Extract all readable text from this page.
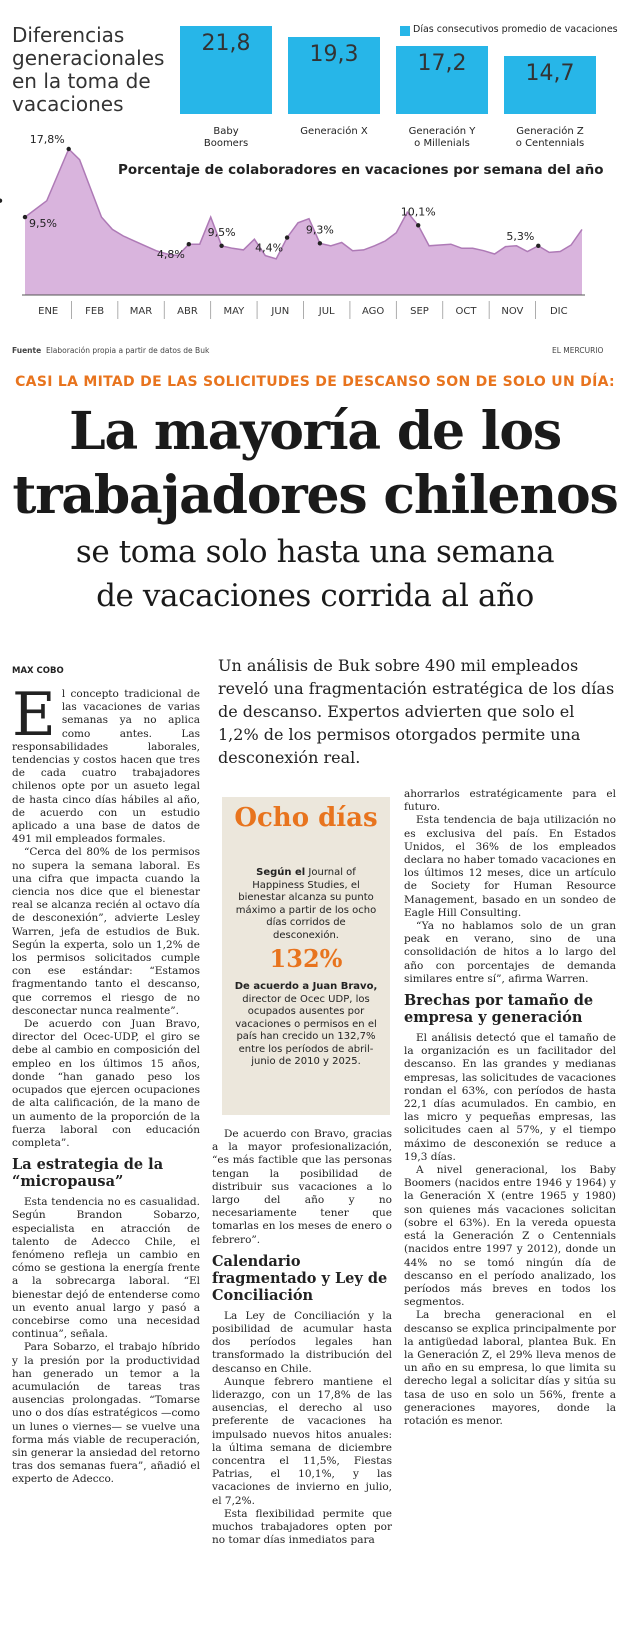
Diferencias generacionales en la toma de vacaciones
Días consecutivos promedio de vacaciones
21,8	19,3	17,2	14,7
Baby
Boomers
Generación X	Generación Y
o Millenials
Generación Z
o Centennials
Porcentaje de colaboradores en vacaciones por semana del año
ENE	FEB	MAR ABR	MAY	JUN	JUL	AGO	SEP	OCT NOV	DIC
9,5%
17,8%
4,8%
9,5%
4,4%
9,3%
10,1%
5,3%
Fuente Elaboración propia a partir de datos de Buk	EL MERCURIO
CASI LA MITAD DE LAS SOLICITUDES DE DESCANSO SON DE SOLO UN DÍA:
La mayoría de los
trabajadores chilenos
se toma solo hasta una semana
de vacaciones corrida al año
MAX COBO	Un análisis de Buk sobre 490 mil empleados reveló una fragmentación estratégica de los días de descanso. Expertos advierten que solo el 1,2% de los permisos otorgados permite una desconexión real.

El concepto tradicional de las vacaciones de varias semanas ya no aplica como antes. Las responsabilidades laborales, tendencias y costos hacen que tres de cada cuatro trabajadores chilenos opte por un asueto legal de hasta cinco días hábiles al año, de acuerdo con un estudio aplicado a una base de datos de 491 mil empleados formales.

“Cerca del 80% de los permisos no supera la semana laboral. Es una cifra que impacta cuando la ciencia nos dice que el bienestar real se alcanza recién al octavo día de desconexión”, advierte Lesley Warren, jefa de estudios de Buk. Según la experta, solo un 1,2% de los permisos solicitados cumple con ese estándar: “Estamos fragmentando tanto el descanso, que corremos el riesgo de no desconectar nunca realmente”.

De acuerdo con Juan Bravo, director del Ocec-UDP, el giro se debe al cambio en composición del empleo en los últimos 15 años, donde “han ganado peso los ocupados que ejercen ocupaciones de alta calificación, de la mano de un aumento de la proporción de la fuerza laboral con educación completa”.

La estrategia de la “micropausa”

Esta tendencia no es casualidad. Según Brandon Sobarzo, especialista en atracción de talento de Adecco Chile, el fenómeno refleja un cambio en cómo se gestiona la energía frente a la sobrecarga laboral. “El bienestar dejó de entenderse como un evento anual largo y pasó a concebirse como una necesidad continua”, señala.

Para Sobarzo, el trabajo híbrido y la presión por la productividad han generado un temor a la acumulación de tareas tras ausencias prolongadas. “Tomarse uno o dos días estratégicos —como un lunes o viernes— se vuelve una forma más viable de recuperación, sin generar la ansiedad del retorno tras dos semanas fuera”, añadió el experto de Adecco.

Ocho días
Según el Journal of Happiness Studies, el bienestar alcanza su punto máximo a partir de los ocho días corridos de desconexión.
132%
De acuerdo a Juan Bravo, director de Ocec UDP, los ocupados ausentes por vacaciones o permisos en el país han crecido un 132,7% entre los períodos de abril-junio de 2010 y 2025.

De acuerdo con Bravo, gracias a la mayor profesionalización, “es más factible que las personas tengan la posibilidad de distribuir sus vacaciones a lo largo del año y no necesariamente tener que tomarlas en los meses de enero o febrero”.

Calendario fragmentado y Ley de Conciliación

La Ley de Conciliación y la posibilidad de acumular hasta dos períodos legales han transformado la distribución del descanso en Chile.

Aunque febrero mantiene el liderazgo, con un 17,8% de las ausencias, el derecho al uso preferente de vacaciones ha impulsado nuevos hitos anuales: la última semana de diciembre concentra el 11,5%, Fiestas Patrias, el 10,1%, y las vacaciones de invierno en julio, el 7,2%.

Esta flexibilidad permite que muchos trabajadores opten por no tomar días inmediatos para

ahorrarlos estratégicamente para el futuro.

Esta tendencia de baja utilización no es exclusiva del país. En Estados Unidos, el 36% de los empleados declara no haber tomado vacaciones en los últimos 12 meses, dice un artículo de Society for Human Resource Management, basado en un sondeo de Eagle Hill Consulting.

“Ya no hablamos solo de un gran peak en verano, sino de una consolidación de hitos a lo largo del año con porcentajes de demanda similares entre sí”, afirma Warren.

Brechas por tamaño de empresa y generación

El análisis detectó que el tamaño de la organización es un facilitador del descanso. En las grandes y medianas empresas, las solicitudes de vacaciones rondan el 63%, con períodos de hasta 22,1 días acumulados. En cambio, en las micro y pequeñas empresas, las solicitudes caen al 57%, y el tiempo máximo de desconexión se reduce a 19,3 días.

A nivel generacional, los Baby Boomers (nacidos entre 1946 y 1964) y la Generación X (entre 1965 y 1980) son quienes más vacaciones solicitan (sobre el 63%). En la vereda opuesta está la Generación Z o Centennials (nacidos entre 1997 y 2012), donde un 44% no se tomó ningún día de descanso en el período analizado, los períodos más breves en todos los segmentos.

La brecha generacional en el descanso se explica principalmente por la antigüedad laboral, plantea Buk. En la Generación Z, el 29% lleva menos de un año en su empresa, lo que limita su derecho legal a solicitar días y sitúa su tasa de uso en solo un 56%, frente a generaciones mayores, donde la rotación es menor.
